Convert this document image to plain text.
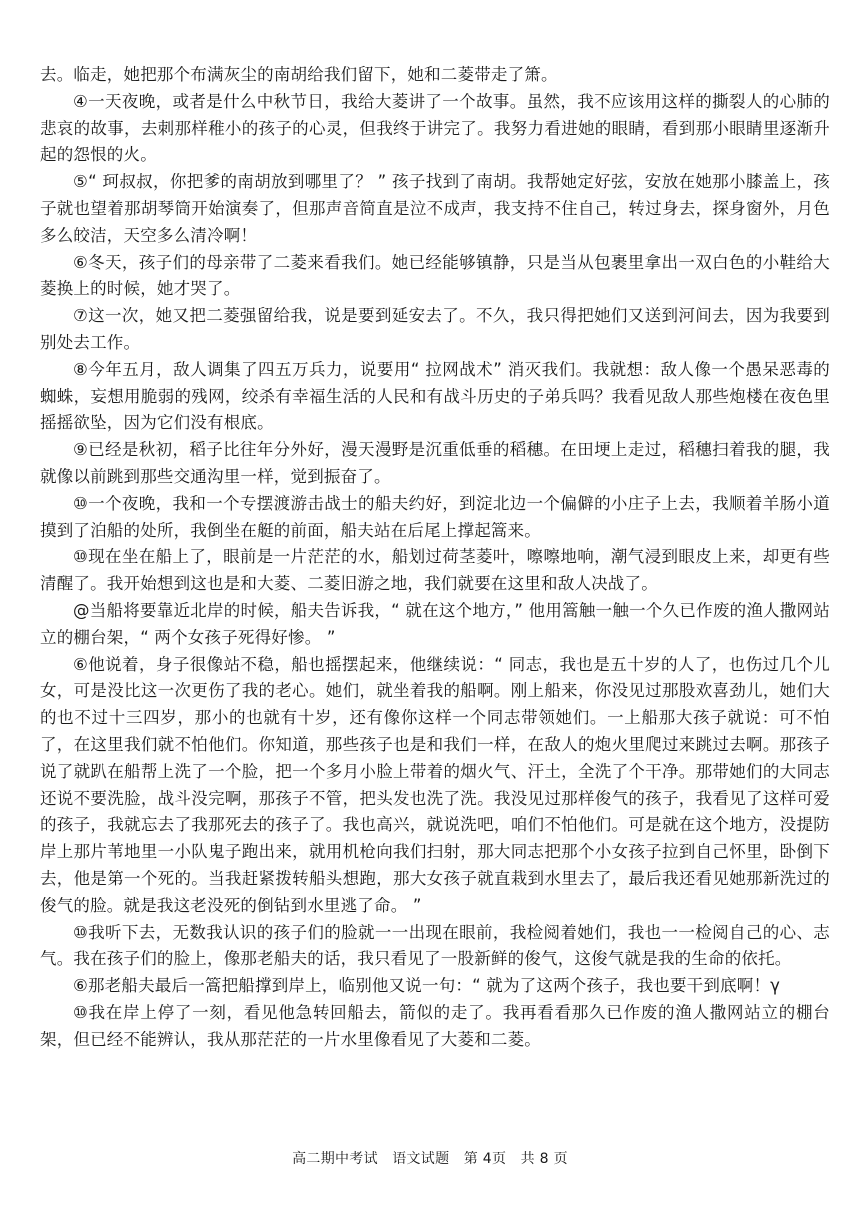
去。临走，她把那个布满灰尘的南胡给我们留下，她和二菱带走了箫。

④一天夜晚，或者是什么中秋节日，我给大菱讲了一个故事。虽然，我不应该用这样的撕裂人的心肺的悲哀的故事，去刺那样稚小的孩子的心灵，但我终于讲完了。我努力看进她的眼睛，看到那小眼睛里逐渐升起的怨恨的火。

⑤“ 珂叔叔，你把爹的南胡放到哪里了？ ” 孩子找到了南胡。我帮她定好弦，安放在她那小膝盖上，孩子就也望着那胡琴筒开始演奏了，但那声音简直是泣不成声，我支持不住自己，转过身去，探身窗外，月色多么皎洁，天空多么清冷啊！

⑥冬天，孩子们的母亲带了二菱来看我们。她已经能够镇静，只是当从包裹里拿出一双白色的小鞋给大菱换上的时候，她才哭了。

⑦这一次，她又把二菱强留给我，说是要到延安去了。不久，我只得把她们又送到河间去，因为我要到别处去工作。

⑧今年五月，敌人调集了四五万兵力，说要用“ 拉网战术” 消灭我们。我就想：敌人像一个愚呆恶毒的蜘蛛，妄想用脆弱的残网，绞杀有幸福生活的人民和有战斗历史的子弟兵吗？我看见敌人那些炮楼在夜色里摇摇欲坠，因为它们没有根底。

⑨已经是秋初，稻子比往年分外好，漫天漫野是沉重低垂的稻穗。在田埂上走过，稻穗扫着我的腿，我就像以前跳到那些交通沟里一样，觉到振奋了。

⑩一个夜晚，我和一个专摆渡游击战士的船夫约好，到淀北边一个偏僻的小庄子上去，我顺着羊肠小道摸到了泊船的处所，我倒坐在艇的前面，船夫站在后尾上撑起篙来。

⑩现在坐在船上了，眼前是一片茫茫的水，船划过荷茎菱叶，嚓嚓地响，潮气浸到眼皮上来，却更有些清醒了。我开始想到这也是和大菱、二菱旧游之地，我们就要在这里和敌人决战了。

@当船将要靠近北岸的时候，船夫告诉我，“ 就在这个地方，” 他用篙触一触一个久已作废的渔人撒网站立的棚台架，“ 两个女孩子死得好惨。 ”

⑥他说着，身子很像站不稳，船也摇摆起来，他继续说：“ 同志，我也是五十岁的人了，也伤过几个儿女，可是没比这一次更伤了我的老心。她们，就坐着我的船啊。刚上船来，你没见过那股欢喜劲儿，她们大的也不过十三四岁，那小的也就有十岁，还有像你这样一个同志带领她们。一上船那大孩子就说：可不怕了，在这里我们就不怕他们。你知道，那些孩子也是和我们一样，在敌人的炮火里爬过来跳过去啊。那孩子说了就趴在船帮上洗了一个脸，把一个多月小脸上带着的烟火气、汗土，全洗了个干净。那带她们的大同志还说不要洗脸，战斗没完啊，那孩子不管，把头发也洗了洗。我没见过那样俊气的孩子，我看见了这样可爱的孩子，我就忘去了我那死去的孩子了。我也高兴，就说洗吧，咱们不怕他们。可是就在这个地方，没提防岸上那片苇地里一小队鬼子跑出来，就用机枪向我们扫射，那大同志把那个小女孩子拉到自己怀里，卧倒下去，他是第一个死的。当我赶紧拨转船头想跑，那大女孩子就直栽到水里去了，最后我还看见她那新洗过的俊气的脸。就是我这老没死的倒钻到水里逃了命。 ”

⑩我听下去，无数我认识的孩子们的脸就一一出现在眼前，我检阅着她们，我也一一检阅自己的心、志气。我在孩子们的脸上，像那老船夫的话，我只看见了一股新鲜的俊气，这俊气就是我的生命的依托。

⑥那老船夫最后一篙把船撑到岸上，临别他又说一句：“ 就为了这两个孩子，我也要干到底啊！γ

⑩我在岸上停了一刻，看见他急转回船去，箭似的走了。我再看看那久已作废的渔人撒网站立的棚台架，但已经不能辨认，我从那茫茫的一片水里像看见了大菱和二菱。

高二期中考试　语文试题　第 4页　共 8 页
